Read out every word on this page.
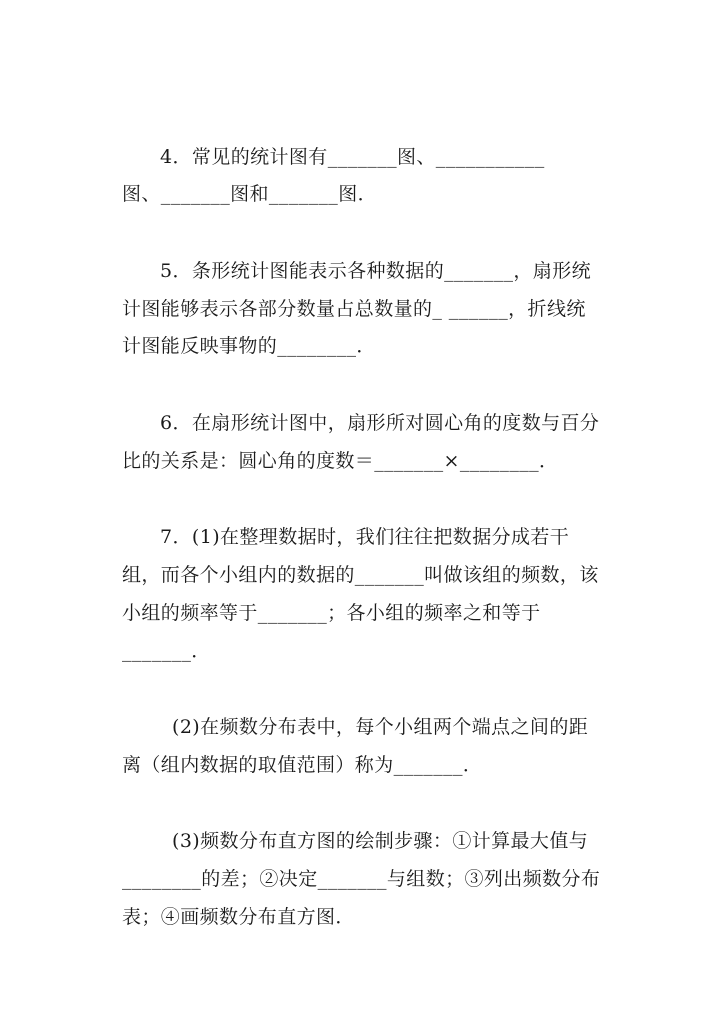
4．常见的统计图有_______图、___________
图、_______图和_______图．
5．条形统计图能表示各种数据的_______，扇形统
计图能够表示各部分数量占总数量的_ ______，折线统
计图能反映事物的________．
6．在扇形统计图中，扇形所对圆心角的度数与百分
比的关系是：圆心角的度数＝_______×________．
7．(1)在整理数据时，我们往往把数据分成若干
组，而各个小组内的数据的_______叫做该组的频数，该
小组的频率等于_______；各小组的频率之和等于
_______．
(2)在频数分布表中，每个小组两个端点之间的距
离（组内数据的取值范围）称为_______．
(3)频数分布直方图的绘制步骤：①计算最大值与
________的差；②决定_______与组数；③列出频数分布
表；④画频数分布直方图．
